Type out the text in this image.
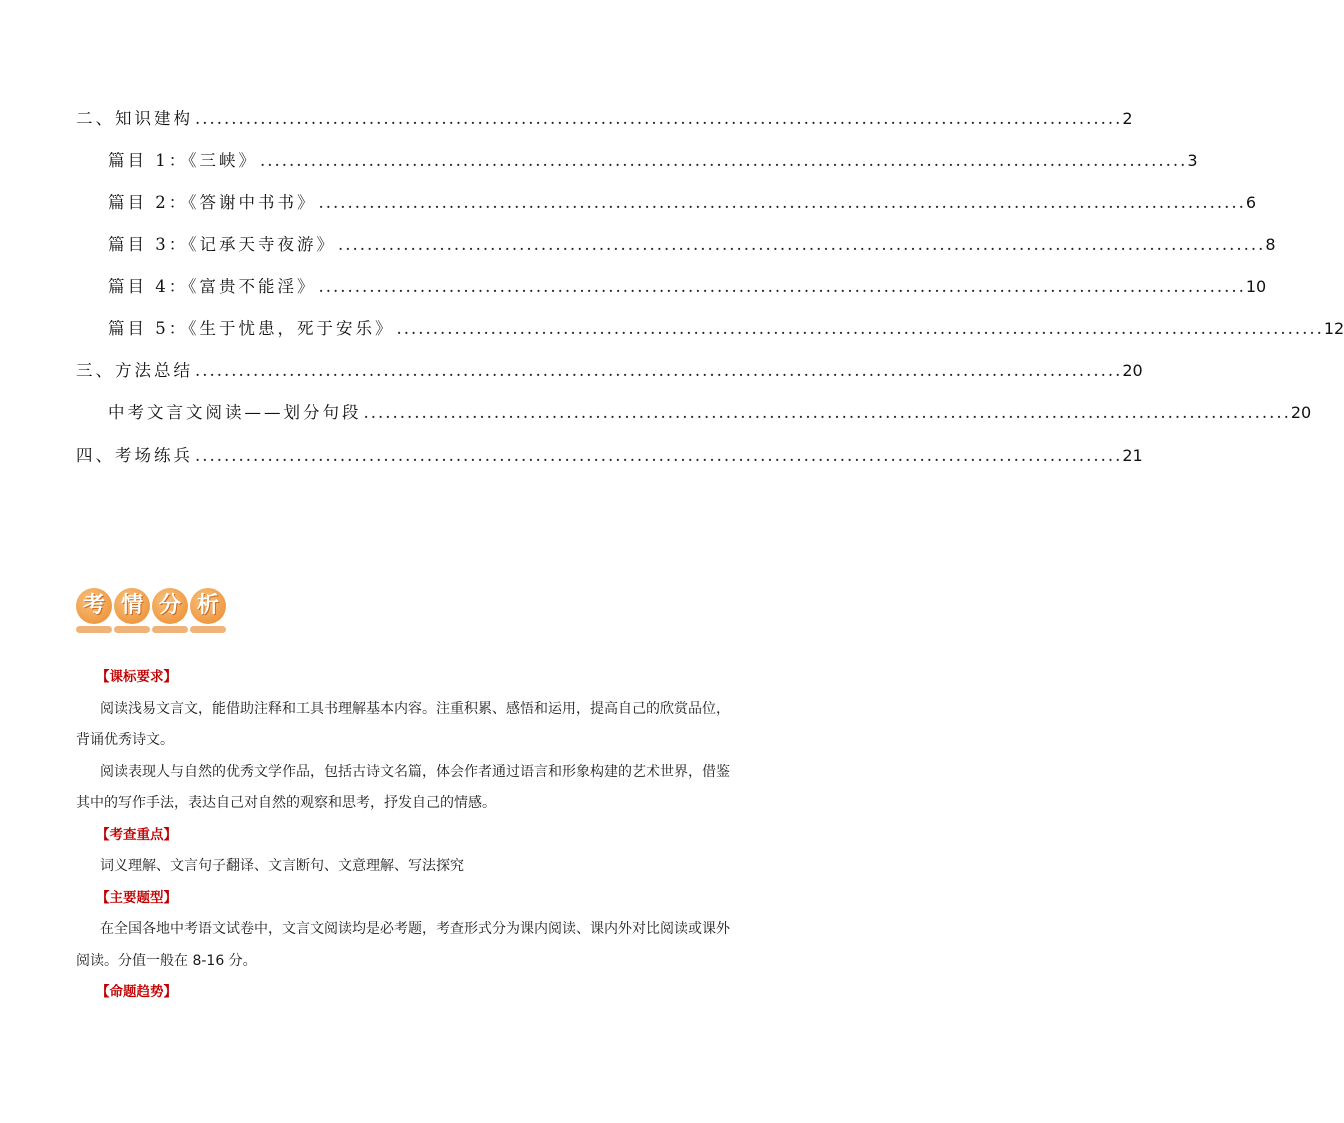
二、知识建构 ................................................................................................................................ 2
篇目 1：《三峡》 ................................................................................................................................ 3
篇目 2：《答谢中书书》 ................................................................................................................................ 6
篇目 3：《记承天寺夜游》 ................................................................................................................................ 8
篇目 4：《富贵不能淫》 ................................................................................................................................ 10
篇目 5：《生于忧患，死于安乐》 ................................................................................................................................ 12
三、方法总结 ................................................................................................................................ 20
中考文言文阅读——划分句段 ................................................................................................................................ 20
四、考场练兵 ................................................................................................................................ 21
考 情 分 析
【课标要求】
阅读浅易文言文，能借助注释和工具书理解基本内容。注重积累、感悟和运用，提高自己的欣赏品位，背诵优秀诗文。
阅读表现人与自然的优秀文学作品，包括古诗文名篇，体会作者通过语言和形象构建的艺术世界，借鉴其中的写作手法，表达自己对自然的观察和思考，抒发自己的情感。
【考查重点】
词义理解、文言句子翻译、文言断句、文意理解、写法探究
【主要题型】
在全国各地中考语文试卷中，文言文阅读均是必考题，考查形式分为课内阅读、课内外对比阅读或课外阅读。分值一般在 8-16 分。
【命题趋势】
